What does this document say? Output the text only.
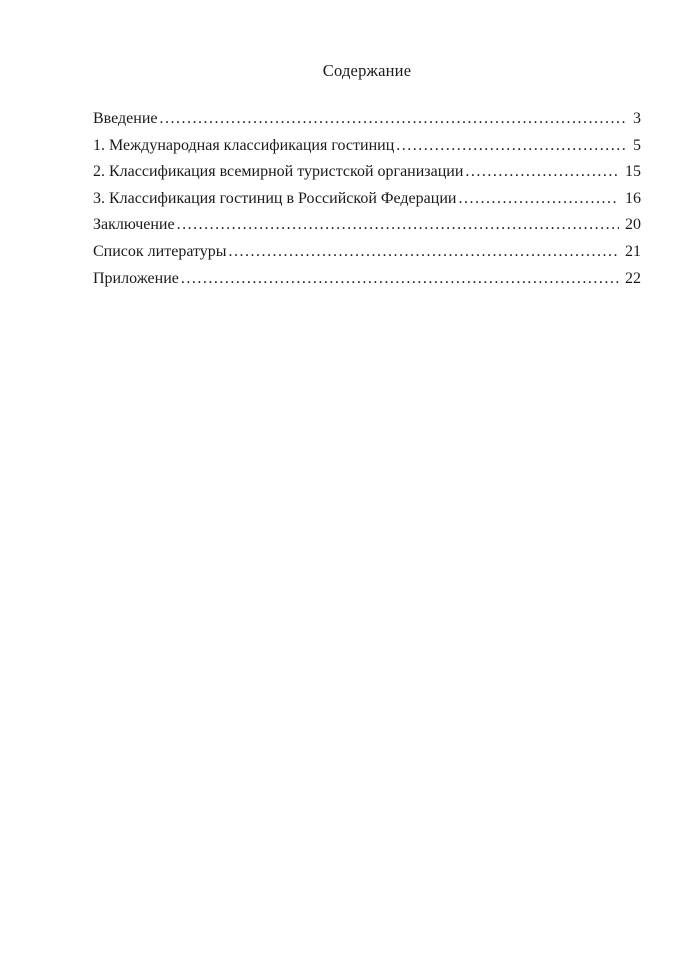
Содержание
Введение .....	3
1. Международная классификация гостиниц .....	5
2. Классификация всемирной туристской организации .....	15
3. Классификация гостиниц в Российской Федерации .....	16
Заключение .....	20
Список литературы .....	21
Приложение .....	22
